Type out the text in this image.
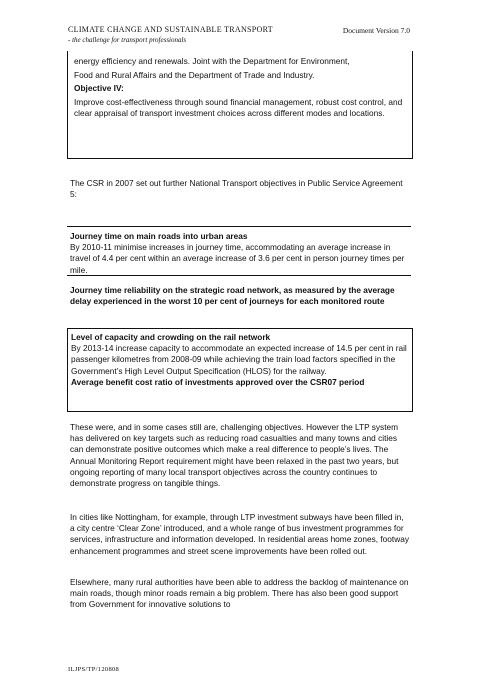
CLIMATE CHANGE AND SUSTAINABLE TRANSPORT
- the challenge for transport professionals
Document Version 7.0
energy efficiency and renewals. Joint with the Department for Environment,
Food and Rural Affairs and the Department of Trade and Industry.
Objective IV:
Improve cost-effectiveness through sound financial management, robust cost control, and clear appraisal of transport investment choices across different modes and locations.
The CSR in 2007 set out further National Transport objectives in Public Service Agreement 5:
Journey time on main roads into urban areas
By 2010-11 minimise increases in journey time, accommodating an average increase in travel of 4.4 per cent within an average increase of 3.6 per cent in person journey times per mile.
Journey time reliability on the strategic road network, as measured by the average delay experienced in the worst 10 per cent of journeys for each monitored route
Level of capacity and crowding on the rail network
By 2013-14 increase capacity to accommodate an expected increase of 14.5 per cent in rail passenger kilometres from 2008-09 while achieving the train load factors specified in the Government’s High Level Output Specification (HLOS) for the railway.
Average benefit cost ratio of investments approved over the CSR07 period
These were, and in some cases still are, challenging objectives. However the LTP system has delivered on key targets such as reducing road casualties and many towns and cities can demonstrate positive outcomes which make a real difference to people’s lives. The Annual Monitoring Report requirement might have been relaxed in the past two years, but ongoing reporting of many local transport objectives across the country continues to demonstrate progress on tangible things.
In cities like Nottingham, for example, through LTP investment subways have been filled in, a city centre ‘Clear Zone’ introduced, and a whole range of bus investment programmes for services, infrastructure and information developed. In residential areas home zones, footway enhancement programmes and street scene improvements have been rolled out.
Elsewhere, many rural authorities have been able to address the backlog of maintenance on main roads, though minor roads remain a big problem. There has also been good support from Government for innovative solutions to
ILJPS/TP/120808
